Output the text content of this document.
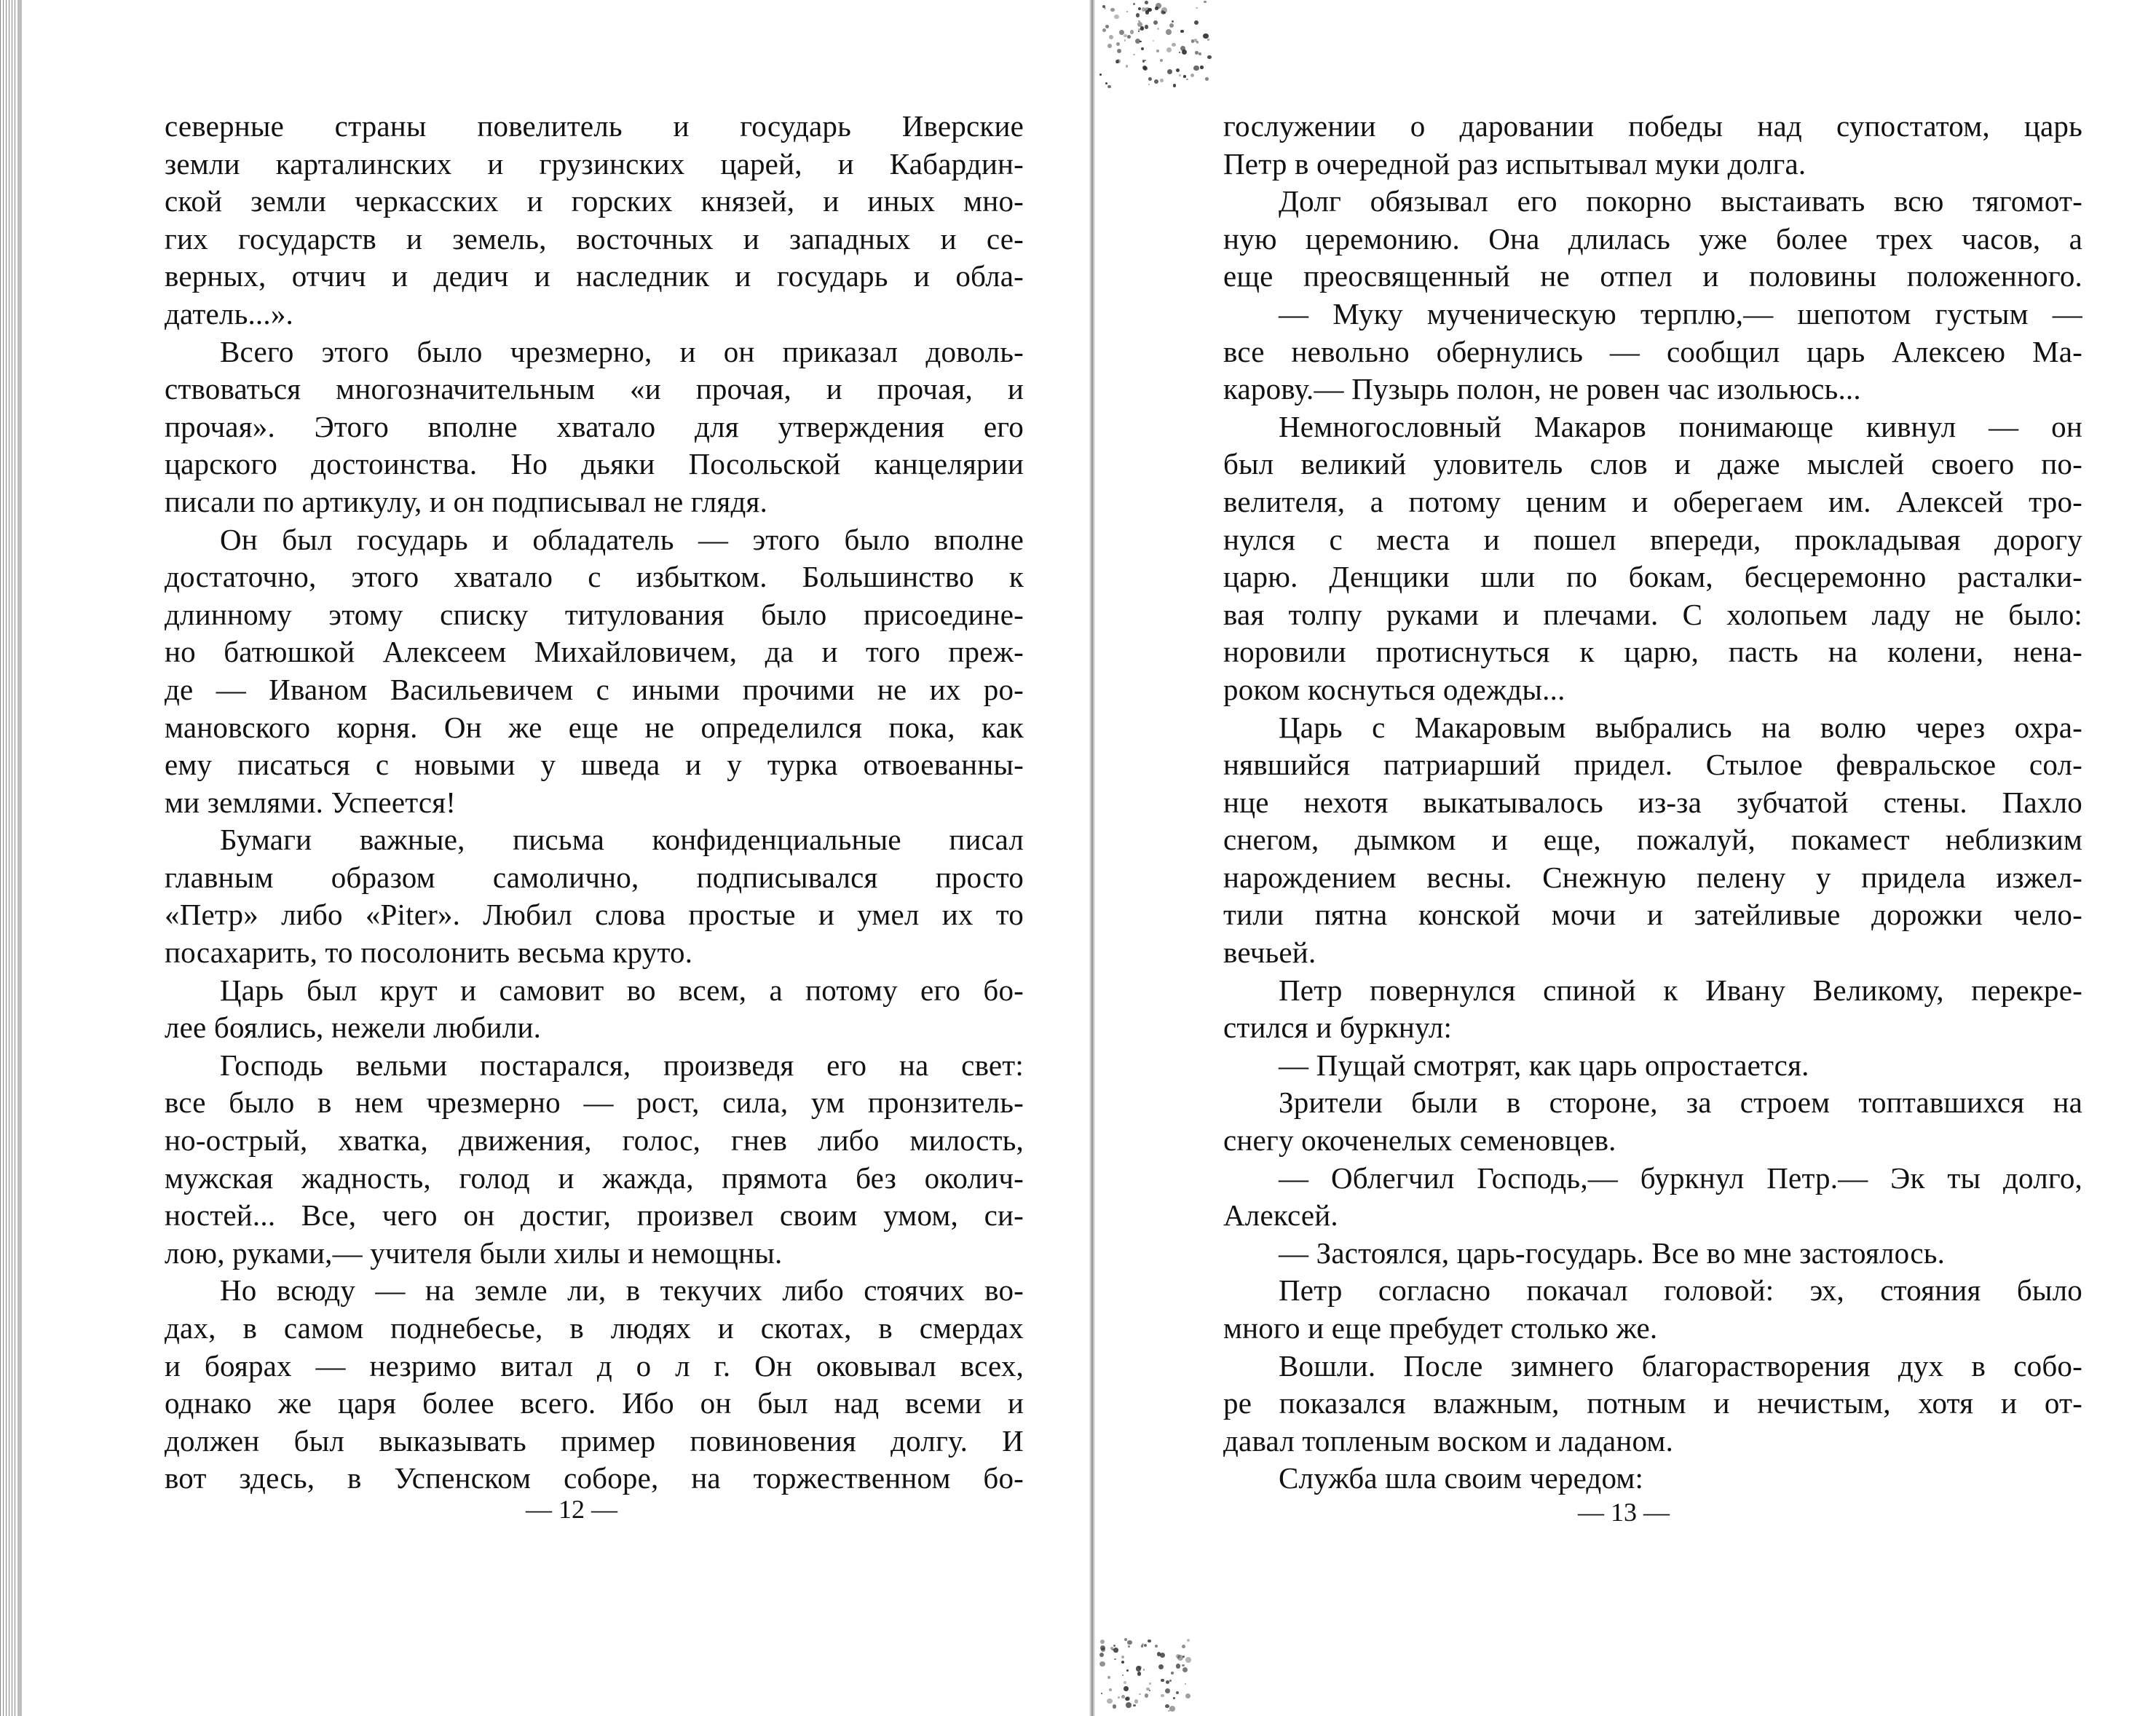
северные страны повелитель и государь Иверские
земли карталинских и грузинских царей, и Кабардин-
ской земли черкасских и горских князей, и иных мно-
гих государств и земель, восточных и западных и се-
верных, отчич и дедич и наследник и государь и обла-
датель...».
Всего этого было чрезмерно, и он приказал доволь-
ствоваться многозначительным «и прочая, и прочая, и
прочая». Этого вполне хватало для утверждения его
царского достоинства. Но дьяки Посольской канцелярии
писали по артикулу, и он подписывал не глядя.
Он был государь и обладатель — этого было вполне
достаточно, этого хватало с избытком. Большинство к
длинному этому списку титулования было присоедине-
но батюшкой Алексеем Михайловичем, да и того преж-
де — Иваном Васильевичем с иными прочими не их ро-
мановского корня. Он же еще не определился пока, как
ему писаться с новыми у шведа и у турка отвоеванны-
ми землями. Успеется!
Бумаги важные, письма конфиденциальные писал
главным образом самолично, подписывался просто
«Петр» либо «Piter». Любил слова простые и умел их то
посахарить, то посолонить весьма круто.
Царь был крут и самовит во всем, а потому его бо-
лее боялись, нежели любили.
Господь вельми постарался, произведя его на свет:
все было в нем чрезмерно — рост, сила, ум пронзитель-
но-острый, хватка, движения, голос, гнев либо милость,
мужская жадность, голод и жажда, прямота без околич-
ностей... Все, чего он достиг, произвел своим умом, си-
лою, руками,— учителя были хилы и немощны.
Но всюду — на земле ли, в текучих либо стоячих во-
дах, в самом поднебесье, в людях и скотах, в смердах
и боярах — незримо витал д о л г. Он оковывал всех,
однако же царя более всего. Ибо он был над всеми и
должен был выказывать пример повиновения долгу. И
вот здесь, в Успенском соборе, на торжественном бо-
— 12 —
гослужении о даровании победы над супостатом, царь
Петр в очередной раз испытывал муки долга.
Долг обязывал его покорно выстаивать всю тягомот-
ную церемонию. Она длилась уже более трех часов, а
еще преосвященный не отпел и половины положенного.
— Муку мученическую терплю,— шепотом густым —
все невольно обернулись — сообщил царь Алексею Ма-
карову.— Пузырь полон, не ровен час изольюсь...
Немногословный Макаров понимающе кивнул — он
был великий уловитель слов и даже мыслей своего по-
велителя, а потому ценим и оберегаем им. Алексей тро-
нулся с места и пошел впереди, прокладывая дорогу
царю. Денщики шли по бокам, бесцеремонно расталки-
вая толпу руками и плечами. С холопьем ладу не было:
норовили протиснуться к царю, пасть на колени, нена-
роком коснуться одежды...
Царь с Макаровым выбрались на волю через охра-
нявшийся патриарший придел. Стылое февральское сол-
нце нехотя выкатывалось из-за зубчатой стены. Пахло
снегом, дымком и еще, пожалуй, покамест неблизким
нарождением весны. Снежную пелену у придела изжел-
тили пятна конской мочи и затейливые дорожки чело-
вечьей.
Петр повернулся спиной к Ивану Великому, перекре-
стился и буркнул:
— Пущай смотрят, как царь опростается.
Зрители были в стороне, за строем топтавшихся на
снегу окоченелых семеновцев.
— Облегчил Господь,— буркнул Петр.— Эк ты долго,
Алексей.
— Застоялся, царь-государь. Все во мне застоялось.
Петр согласно покачал головой: эх, стояния было
много и еще пребудет столько же.
Вошли. После зимнего благорастворения дух в собо-
ре показался влажным, потным и нечистым, хотя и от-
давал топленым воском и ладаном.
Служба шла своим чередом:
— 13 —
